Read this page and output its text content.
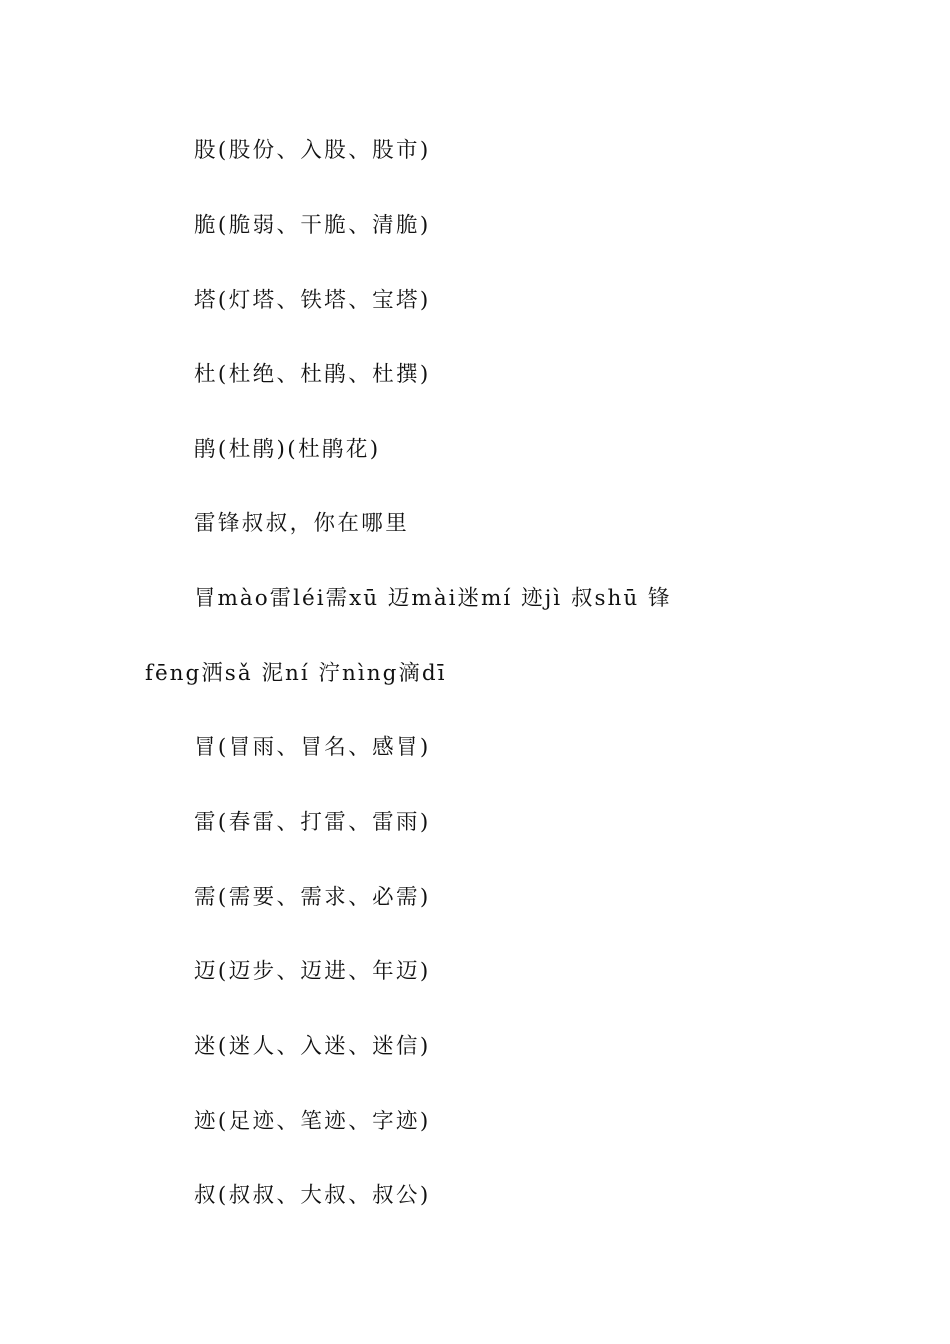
股(股份、入股、股市)

脆(脆弱、干脆、清脆)

塔(灯塔、铁塔、宝塔)

杜(杜绝、杜鹃、杜撰)

鹃(杜鹃)(杜鹃花)

雷锋叔叔，你在哪里

冒mào雷léi需xū 迈mài迷mí 迹jì 叔shū 锋

fēng洒sǎ 泥ní 泞nìng滴dī

冒(冒雨、冒名、感冒)

雷(春雷、打雷、雷雨)

需(需要、需求、必需)

迈(迈步、迈进、年迈)

迷(迷人、入迷、迷信)

迹(足迹、笔迹、字迹)

叔(叔叔、大叔、叔公)
